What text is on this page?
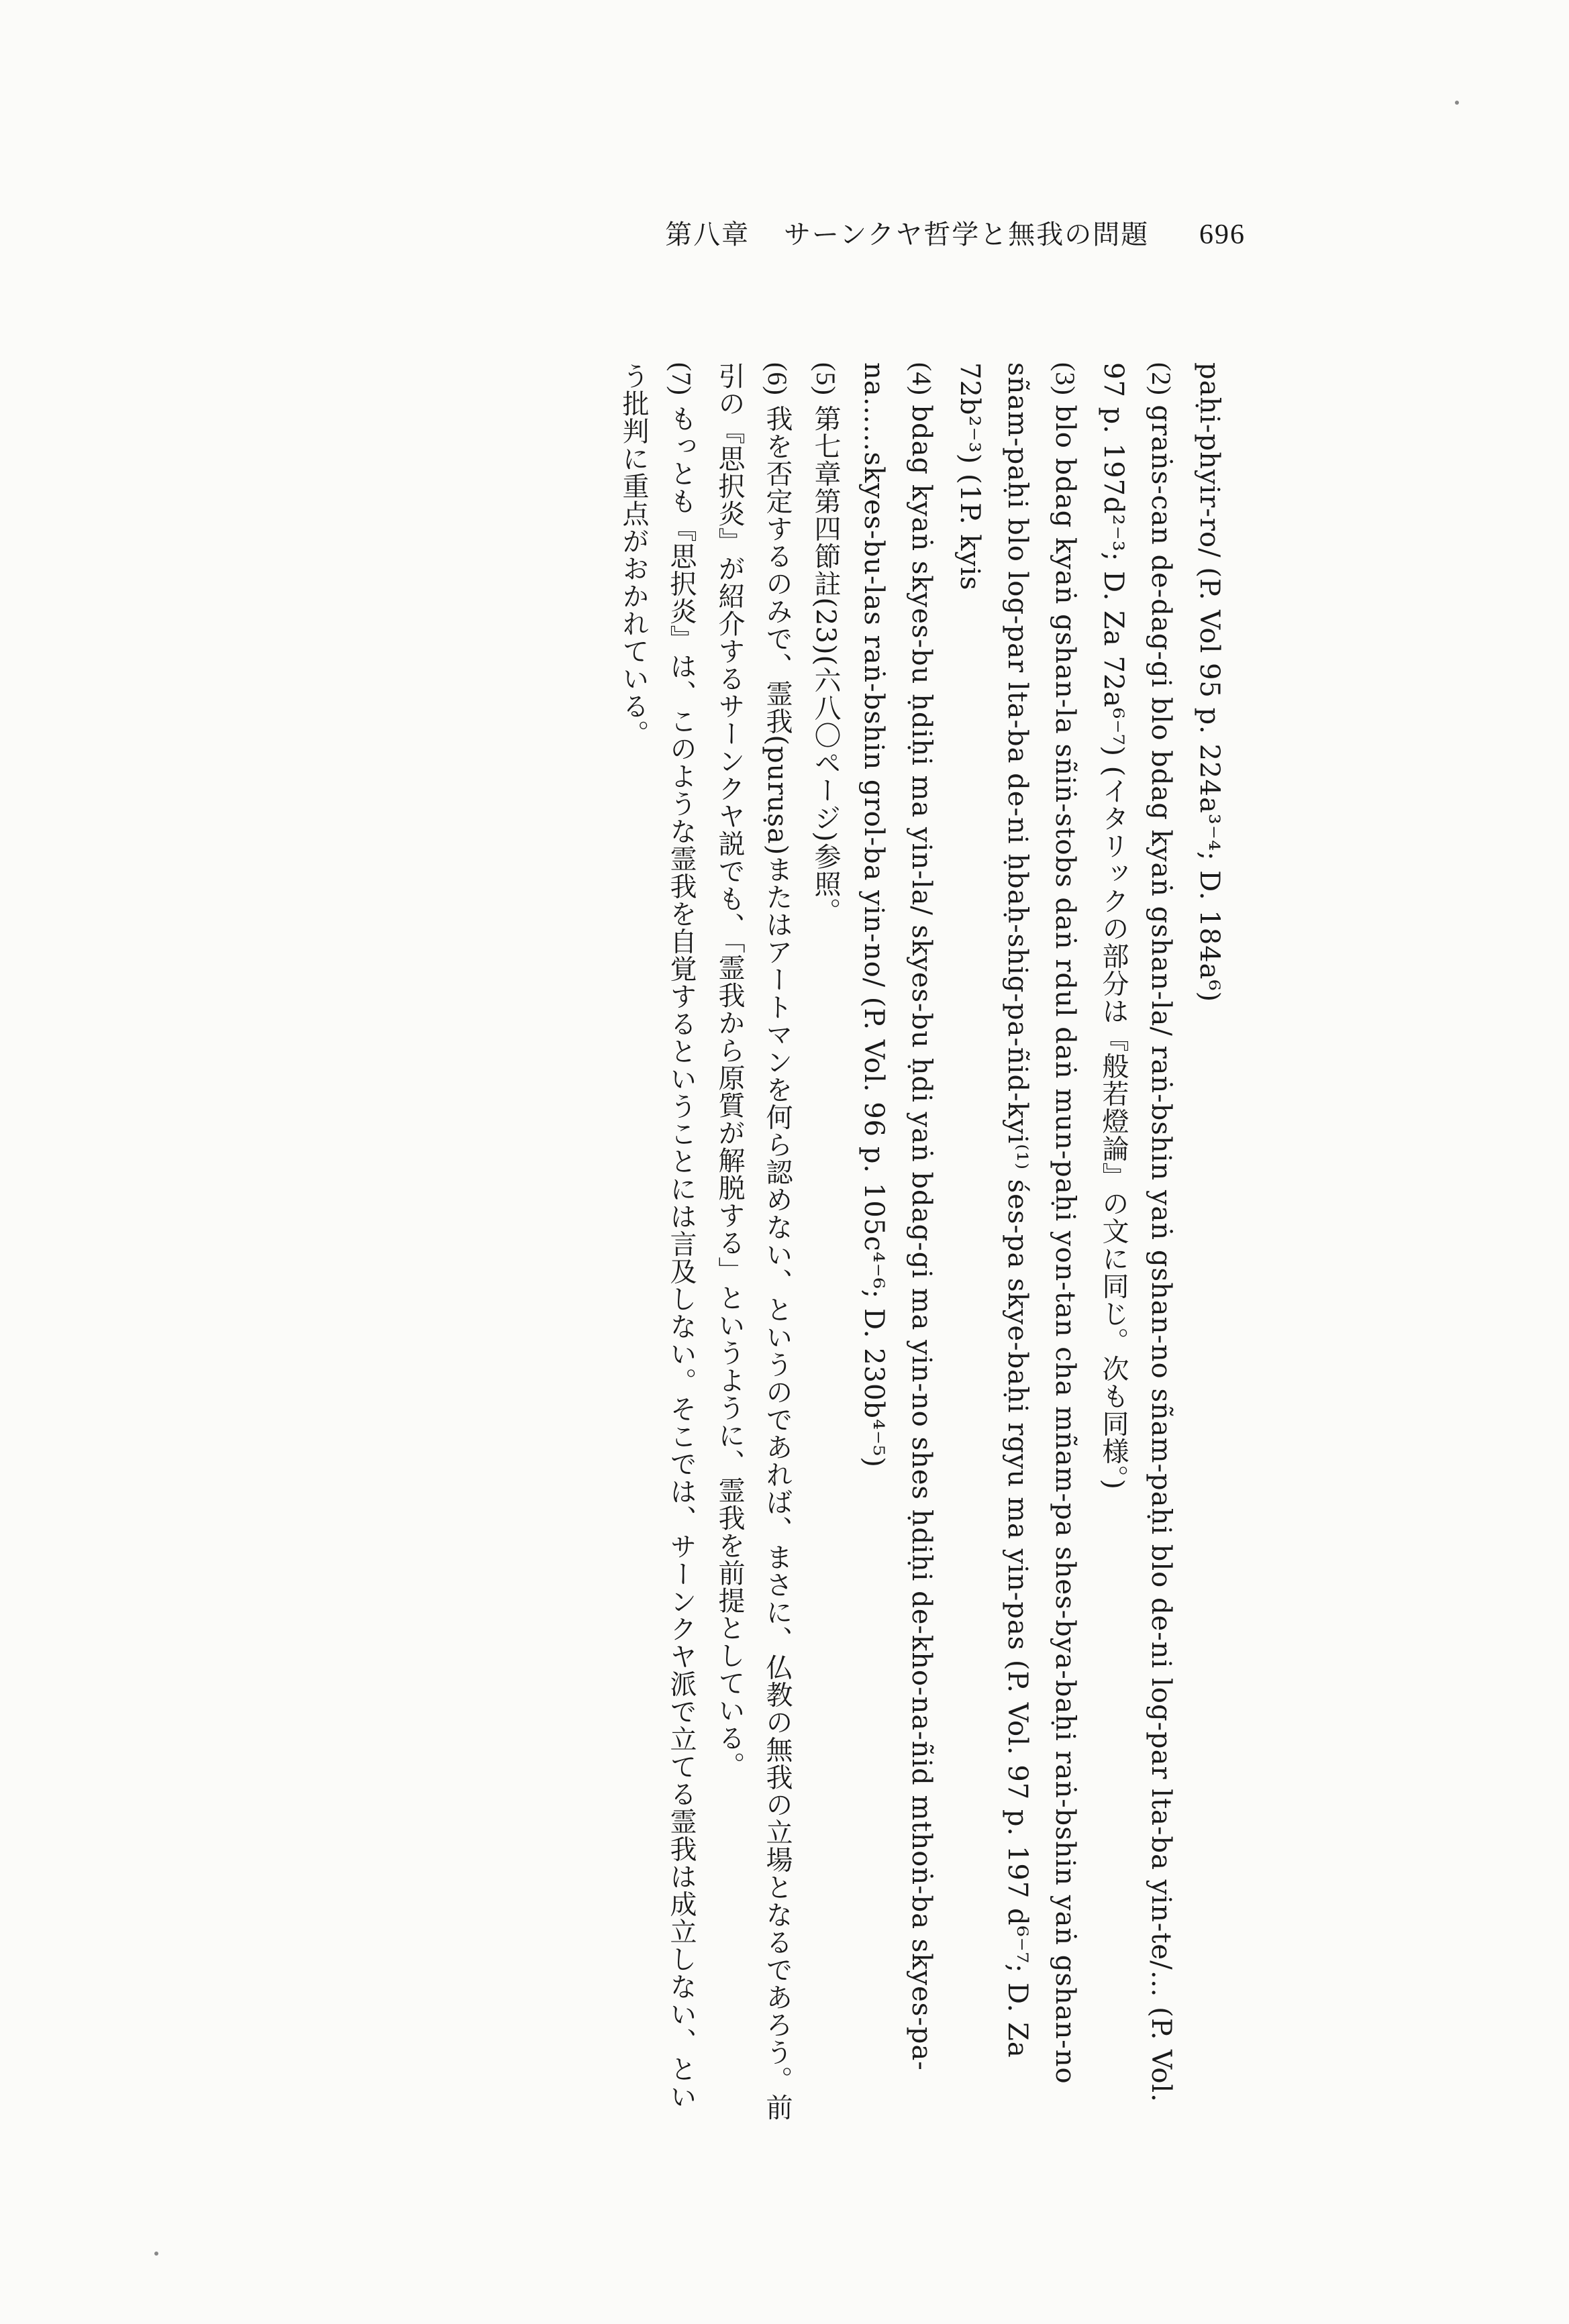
第八章 サーンクヤ哲学と無我の問題 696

paḥi-phyir-ro/ (P. Vol 95 p. 224a³⁻⁴; D. 184a⁶)

(2) graṅs-can de-dag-gi blo bdag kyaṅ gshan-la/ raṅ-bshin yaṅ gshan-no sñam-paḥi blo de-ni log-par lta-ba yin-te/… (P. Vol. 97 p. 197d²⁻³; D. Za 72a⁶⁻⁷) (イタリックの部分は『般若燈論』の文に同じ。次も同様。)

(3) blo bdag kyaṅ gshan-la sñiṅ-stobs daṅ rdul daṅ mun-paḥi yon-tan cha mñam-pa shes-bya-baḥi raṅ-bshin yaṅ gshan-no sñam-paḥi blo log-par lta-ba de-ni ḥbaḥ-shig-pa-ñid-kyi⁽¹⁾ śes-pa skye-baḥi rgyu ma yin-pas (P. Vol. 97 p. 197 d⁶⁻⁷; D. Za 72b²⁻³) (1P. kyis

(4) bdag kyaṅ skyes-bu ḥdiḥi ma yin-la/ skyes-bu ḥdi yaṅ bdag-gi ma yin-no shes ḥdiḥi de-kho-na-ñid mthoṅ-ba skyes-pa-na……skyes-bu-las raṅ-bshin grol-ba yin-no/ (P. Vol. 96 p. 105c⁴⁻⁶; D. 230b⁴⁻⁵)

(5) 第七章第四節註(23)(六八〇ページ)参照。

(6) 我を否定するのみで、霊我(puruṣa)またはアートマンを何ら認めない、というのであれば、まさに、仏教の無我の立場となるであろう。前引の『思択炎』が紹介するサーンクヤ説でも、「霊我から原質が解脱する」というように、霊我を前提としている。

(7) もっとも『思択炎』は、このような霊我を自覚するということには言及しない。そこでは、サーンクヤ派で立てる霊我は成立しない、という批判に重点がおかれている。
